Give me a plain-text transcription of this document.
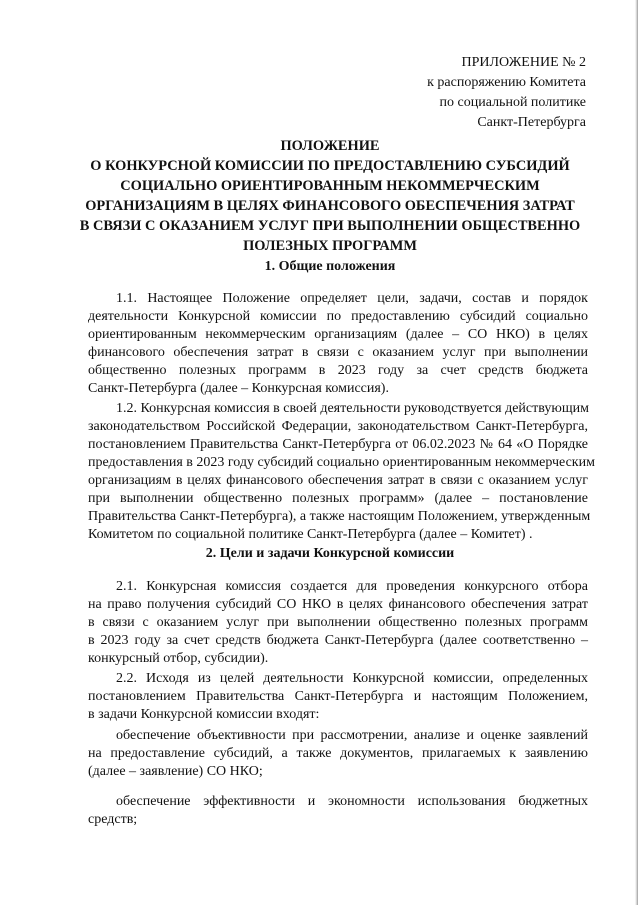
ПРИЛОЖЕНИЕ № 2
к распоряжению Комитета
по социальной политике
Санкт-Петербурга
ПОЛОЖЕНИЕ
О КОНКУРСНОЙ КОМИССИИ ПО ПРЕДОСТАВЛЕНИЮ СУБСИДИЙ
СОЦИАЛЬНО ОРИЕНТИРОВАННЫМ НЕКОММЕРЧЕСКИМ
ОРГАНИЗАЦИЯМ В ЦЕЛЯХ ФИНАНСОВОГО ОБЕСПЕЧЕНИЯ ЗАТРАТ
В СВЯЗИ С ОКАЗАНИЕМ УСЛУГ ПРИ ВЫПОЛНЕНИИ ОБЩЕСТВЕННО
ПОЛЕЗНЫХ ПРОГРАММ
1. Общие положения
1.1. Настоящее Положение определяет цели, задачи, состав и порядок
деятельности Конкурсной комиссии по предоставлению субсидий социально
ориентированным некоммерческим организациям (далее – СО НКО) в целях
финансового обеспечения затрат в связи с оказанием услуг при выполнении
общественно полезных программ в 2023 году за счет средств бюджета
Санкт-Петербурга (далее – Конкурсная комиссия).
1.2. Конкурсная комиссия в своей деятельности руководствуется действующим
законодательством Российской Федерации, законодательством Санкт-Петербурга,
постановлением Правительства Санкт-Петербурга от 06.02.2023 № 64 «О Порядке
предоставления в 2023 году субсидий социально ориентированным некоммерческим
организациям в целях финансового обеспечения затрат в связи с оказанием услуг
при выполнении общественно полезных программ» (далее – постановление
Правительства Санкт-Петербурга), а также настоящим Положением, утвержденным
Комитетом по социальной политике Санкт-Петербурга (далее – Комитет) .
2. Цели и задачи Конкурсной комиссии
2.1. Конкурсная комиссия создается для проведения конкурсного отбора
на право получения субсидий СО НКО в целях финансового обеспечения затрат
в связи с оказанием услуг при выполнении общественно полезных программ
в 2023 году за счет средств бюджета Санкт-Петербурга (далее соответственно –
конкурсный отбор, субсидии).
2.2. Исходя из целей деятельности Конкурсной комиссии, определенных
постановлением Правительства Санкт-Петербурга и настоящим Положением,
в задачи Конкурсной комиссии входят:
обеспечение объективности при рассмотрении, анализе и оценке заявлений
на предоставление субсидий, а также документов, прилагаемых к заявлению
(далее – заявление) СО НКО;
обеспечение эффективности и экономности использования бюджетных
средств;
